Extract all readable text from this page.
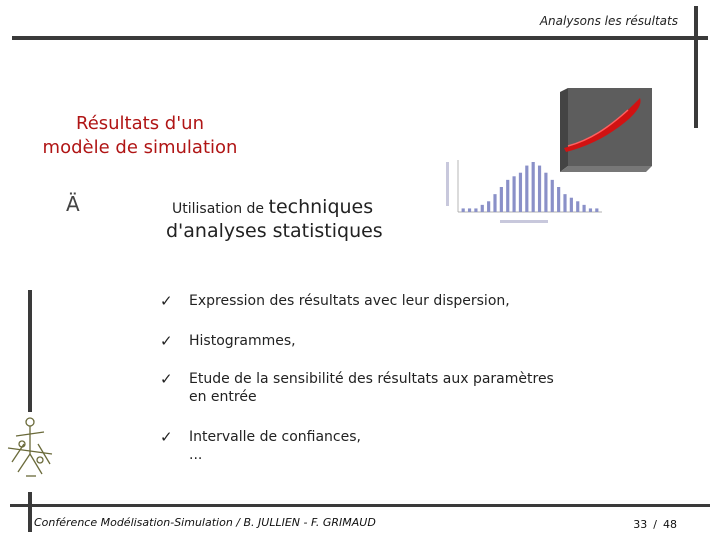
Analysons les résultats
Résultats d'un
modèle de simulation
Ä	Utilisation de techniques
d'analyses statistiques
✓	Expression des résultats avec leur dispersion,
✓	Histogrammes,
✓	Etude de la sensibilité des résultats aux paramètres
en entrée
✓	Intervalle de confiances,
...
Conférence Modélisation-Simulation / B. JULLIEN - F. GRIMAUD	33 / 48
